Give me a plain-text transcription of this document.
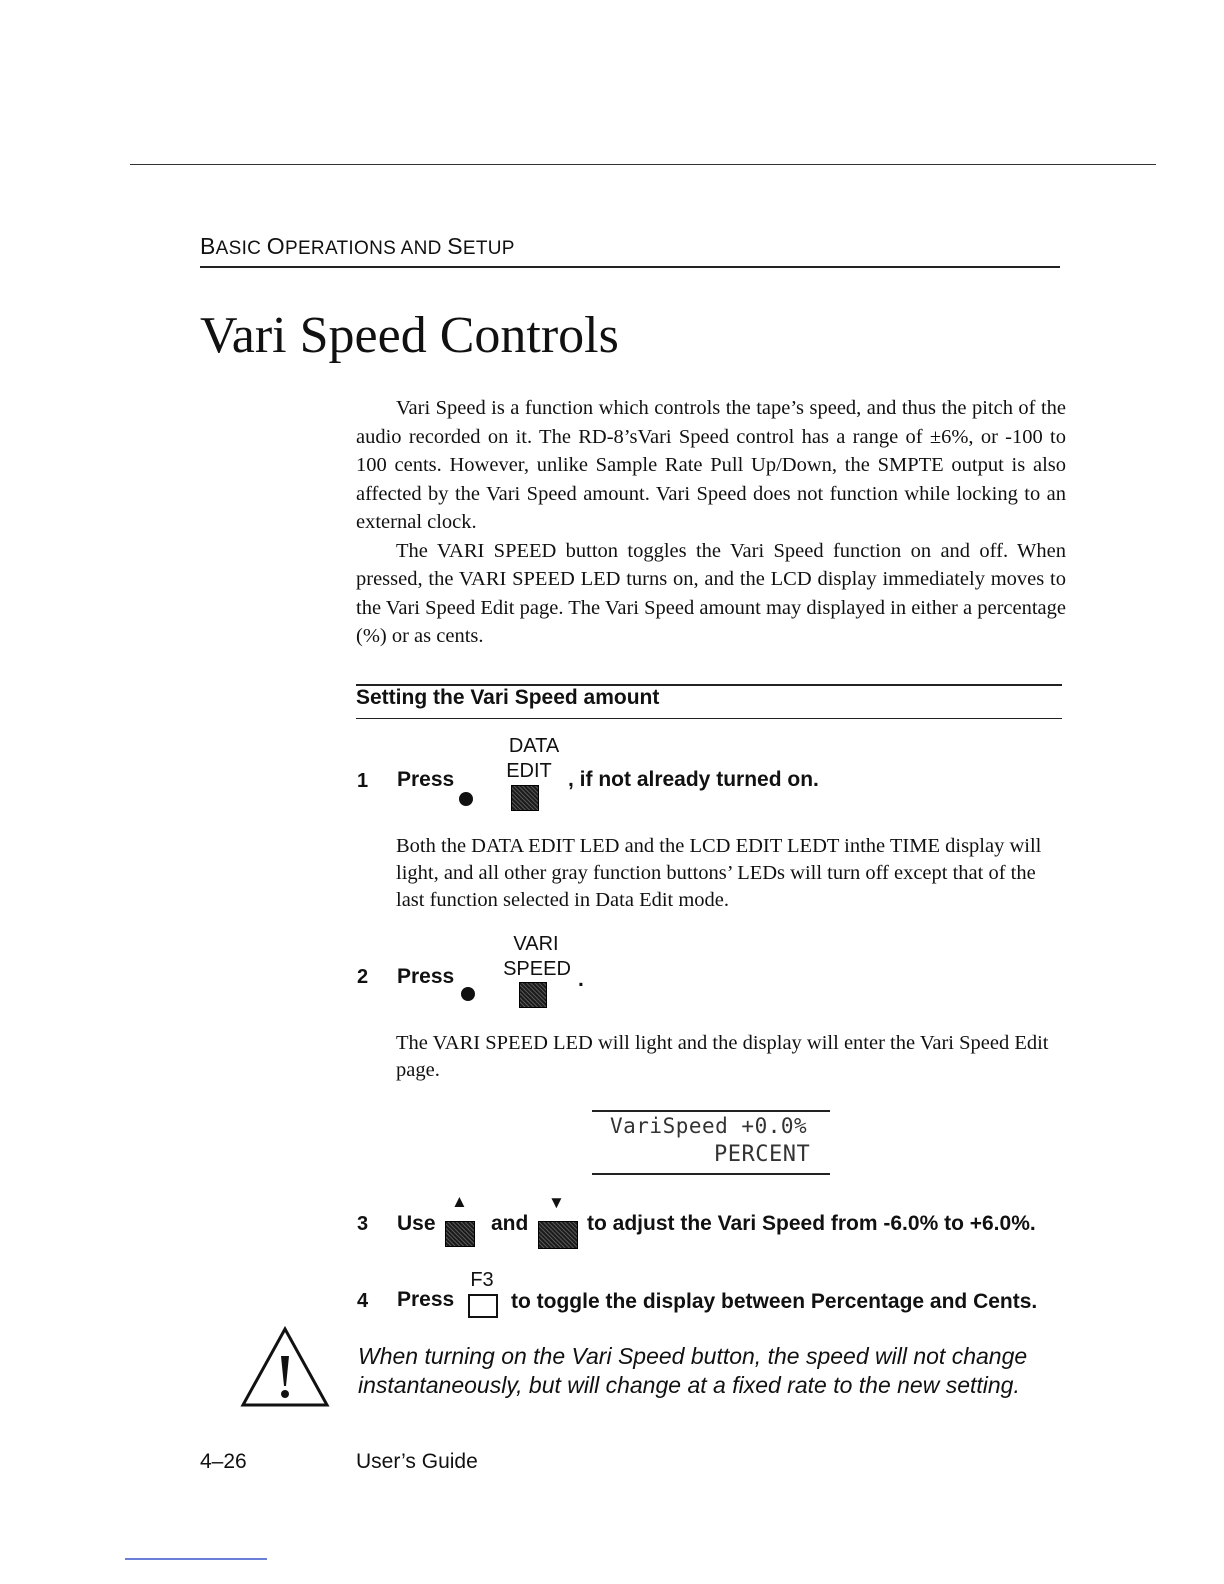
BASIC OPERATIONS AND SETUP
Vari Speed Controls

Vari Speed is a function which controls the tape’s speed, and thus the pitch of the audio recorded on it. The RD-8’sVari Speed control has a range of ±6%, or -100 to 100 cents. However, unlike Sample Rate Pull Up/Down, the SMPTE output is also affected by the Vari Speed amount. Vari Speed does not function while locking to an external clock.

The VARI SPEED button toggles the Vari Speed function on and off. When pressed, the VARI SPEED LED turns on, and the LCD display immediately moves to the Vari Speed Edit page. The Vari Speed amount may displayed in either a percentage (%) or as cents.

Setting the Vari Speed amount
1 Press
DATA
EDIT , if not already turned on.
Both the DATA EDIT LED and the LCD EDIT LEDT inthe TIME display will light, and all other gray function buttons’ LEDs will turn off except that of the last function selected in Data Edit mode.
2 Press
VARI
SPEED .
The VARI SPEED LED will light and the display will enter the Vari Speed Edit page.
VariSpeed +0.0%
PERCENT
3 Use
▲
and
▼
to adjust the Vari Speed from -6.0% to +6.0%.
4 Press
F3
to toggle the display between Percentage and Cents.
When turning on the Vari Speed button, the speed will not change instantaneously, but will change at a fixed rate to the new setting.
4–26	User’s Guide
